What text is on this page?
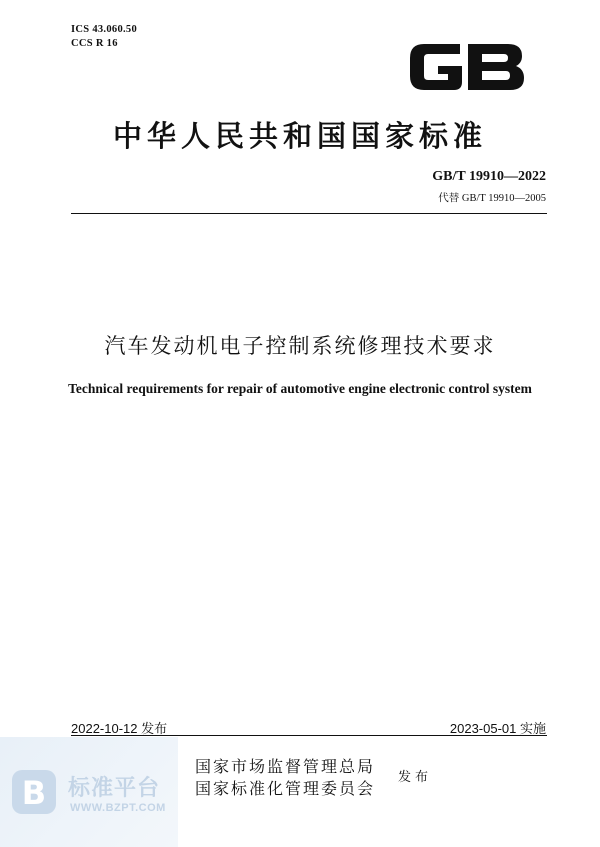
ICS 43.060.50
CCS R 16
中华人民共和国国家标准
GB/T 19910—2022
代替 GB/T 19910—2005
汽车发动机电子控制系统修理技术要求
Technical requirements for repair of automotive engine electronic control system
2022-10-12 发布	2023-05-01 实施
B 标准平台
WWW.BZPT.COM
国家市场监督管理总局
国家标准化管理委员会
发布
